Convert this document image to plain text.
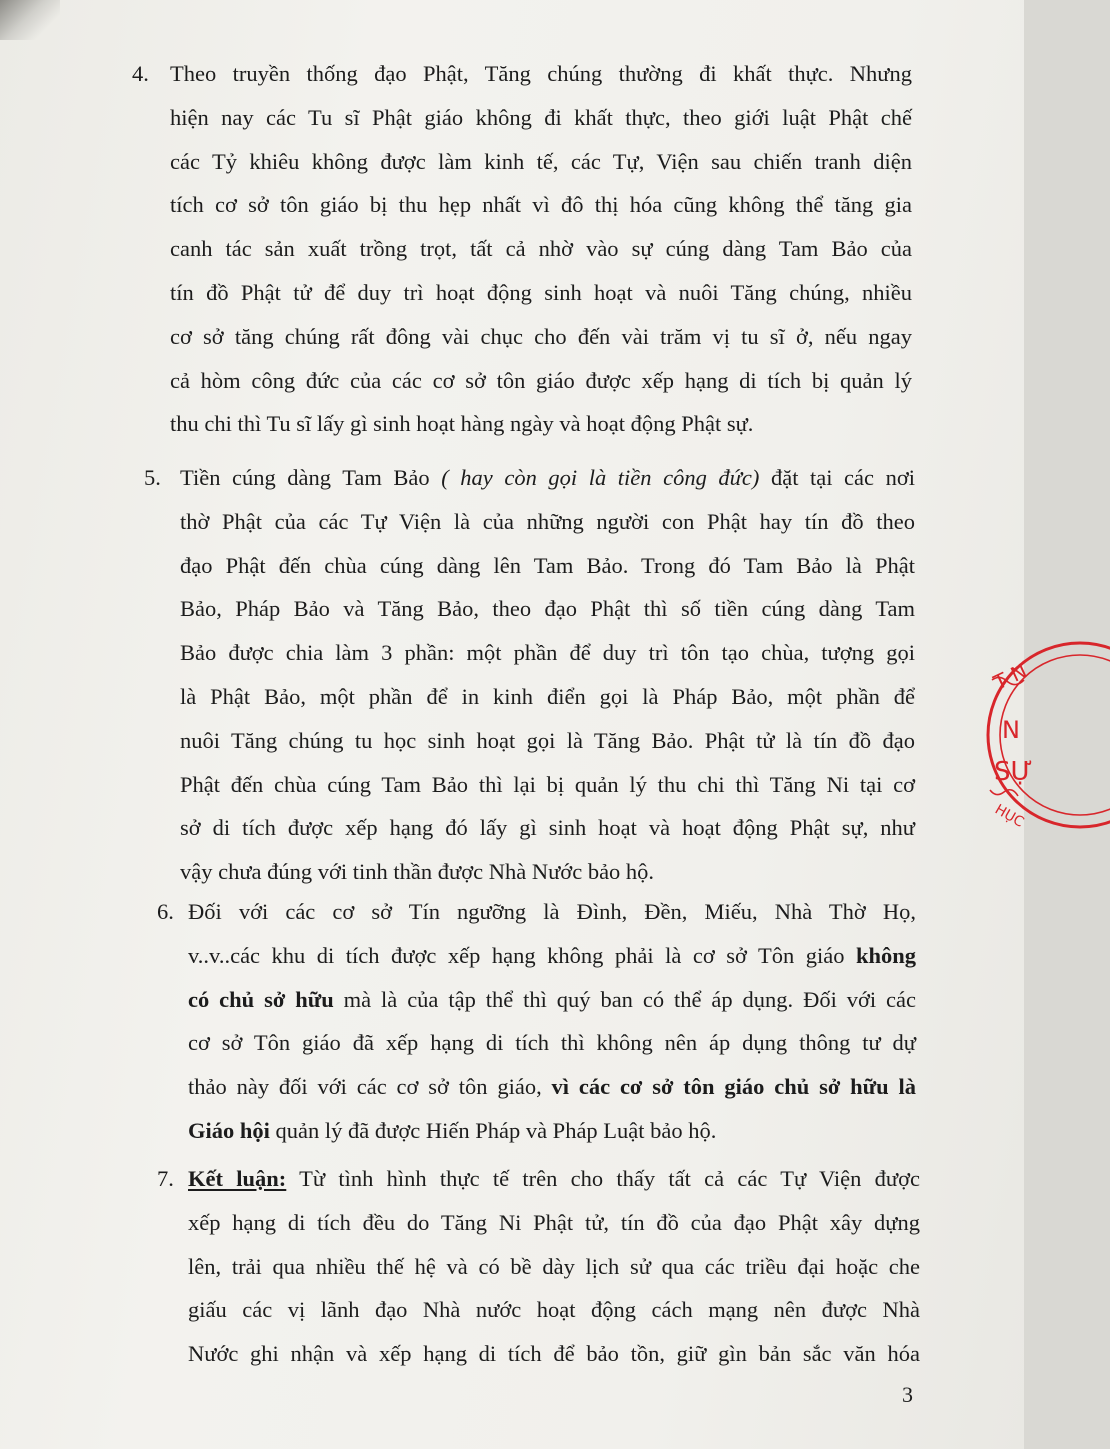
4. Theo truyền thống đạo Phật, Tăng chúng thường đi khất thực. Nhưng
hiện nay các Tu sĩ Phật giáo không đi khất thực, theo giới luật Phật chế
các Tỷ khiêu không được làm kinh tế, các Tự, Viện sau chiến tranh diện
tích cơ sở tôn giáo bị thu hẹp nhất vì đô thị hóa cũng không thể tăng gia
canh tác sản xuất trồng trọt, tất cả nhờ vào sự cúng dàng Tam Bảo của
tín đồ Phật tử để duy trì hoạt động sinh hoạt và nuôi Tăng chúng, nhiều
cơ sở tăng chúng rất đông vài chục cho đến vài trăm vị tu sĩ ở, nếu ngay
cả hòm công đức của các cơ sở tôn giáo được xếp hạng di tích bị quản lý
thu chi thì Tu sĩ lấy gì sinh hoạt hàng ngày và hoạt động Phật sự.
5. Tiền cúng dàng Tam Bảo ( hay còn gọi là tiền công đức) đặt tại các nơi
thờ Phật của các Tự Viện là của những người con Phật hay tín đồ theo
đạo Phật đến chùa cúng dàng lên Tam Bảo. Trong đó Tam Bảo là Phật
Bảo, Pháp Bảo và Tăng Bảo, theo đạo Phật thì số tiền cúng dàng Tam
Bảo được chia làm 3 phần: một phần để duy trì tôn tạo chùa, tượng gọi
là Phật Bảo, một phần để in kinh điển gọi là Pháp Bảo, một phần để
nuôi Tăng chúng tu học sinh hoạt gọi là Tăng Bảo. Phật tử là tín đồ đạo
Phật đến chùa cúng Tam Bảo thì lại bị quản lý thu chi thì Tăng Ni tại cơ
sở di tích được xếp hạng đó lấy gì sinh hoạt và hoạt động Phật sự, như
vậy chưa đúng với tinh thần được Nhà Nước bảo hộ.
6. Đối với các cơ sở Tín ngưỡng là Đình, Đền, Miếu, Nhà Thờ Họ,
v..v..các khu di tích được xếp hạng không phải là cơ sở Tôn giáo không
có chủ sở hữu mà là của tập thể thì quý ban có thể áp dụng. Đối với các
cơ sở Tôn giáo đã xếp hạng di tích thì không nên áp dụng thông tư dự
thảo này đối với các cơ sở tôn giáo, vì các cơ sở tôn giáo chủ sở hữu là
Giáo hội quản lý đã được Hiến Pháp và Pháp Luật bảo hộ.
7. Kết luận: Từ tình hình thực tế trên cho thấy tất cả các Tự Viện được
xếp hạng di tích đều do Tăng Ni Phật tử, tín đồ của đạo Phật xây dựng
lên, trải qua nhiều thế hệ và có bề dày lịch sử qua các triều đại hoặc che
giấu các vị lãnh đạo Nhà nước hoạt động cách mạng nên được Nhà
Nước ghi nhận và xếp hạng di tích để bảo tồn, giữ gìn bản sắc văn hóa
3
T N
N
SỰ
HỤC
